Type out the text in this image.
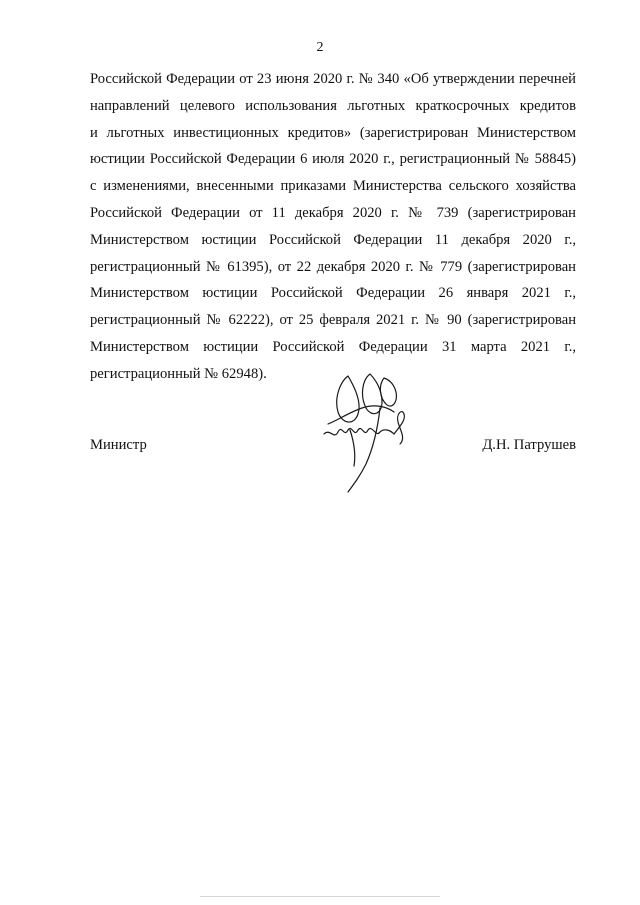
2
Российской Федерации от 23 июня 2020 г. № 340 «Об утверждении перечней
направлений целевого использования льготных краткосрочных кредитов
и льготных инвестиционных кредитов» (зарегистрирован Министерством
юстиции Российской Федерации 6 июля 2020 г., регистрационный № 58845)
с изменениями, внесенными приказами Министерства сельского хозяйства
Российской Федерации от 11 декабря 2020 г. № 739 (зарегистрирован
Министерством юстиции Российской Федерации 11 декабря 2020 г.,
регистрационный № 61395), от 22 декабря 2020 г. № 779 (зарегистрирован
Министерством юстиции Российской Федерации 26 января 2021 г.,
регистрационный № 62222), от 25 февраля 2021 г. № 90 (зарегистрирован
Министерством юстиции Российской Федерации 31 марта 2021 г.,
регистрационный № 62948).
Министр	Д.Н. Патрушев
